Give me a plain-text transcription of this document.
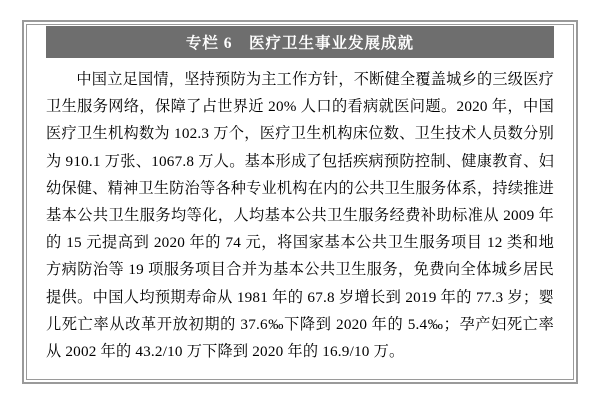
专栏 6　医疗卫生事业发展成就

中国立足国情，坚持预防为主工作方针，不断健全覆盖城乡的三级医疗卫生服务网络，保障了占世界近 20% 人口的看病就医问题。2020 年，中国医疗卫生机构数为 102.3 万个，医疗卫生机构床位数、卫生技术人员数分别为 910.1 万张、1067.8 万人。基本形成了包括疾病预防控制、健康教育、妇幼保健、精神卫生防治等各种专业机构在内的公共卫生服务体系，持续推进基本公共卫生服务均等化，人均基本公共卫生服务经费补助标准从 2009 年的 15 元提高到 2020 年的 74 元，将国家基本公共卫生服务项目 12 类和地方病防治等 19 项服务项目合并为基本公共卫生服务，免费向全体城乡居民提供。中国人均预期寿命从 1981 年的 67.8 岁增长到 2019 年的 77.3 岁；婴儿死亡率从改革开放初期的 37.6‰下降到 2020 年的 5.4‰；孕产妇死亡率从 2002 年的 43.2/10 万下降到 2020 年的 16.9/10 万。
